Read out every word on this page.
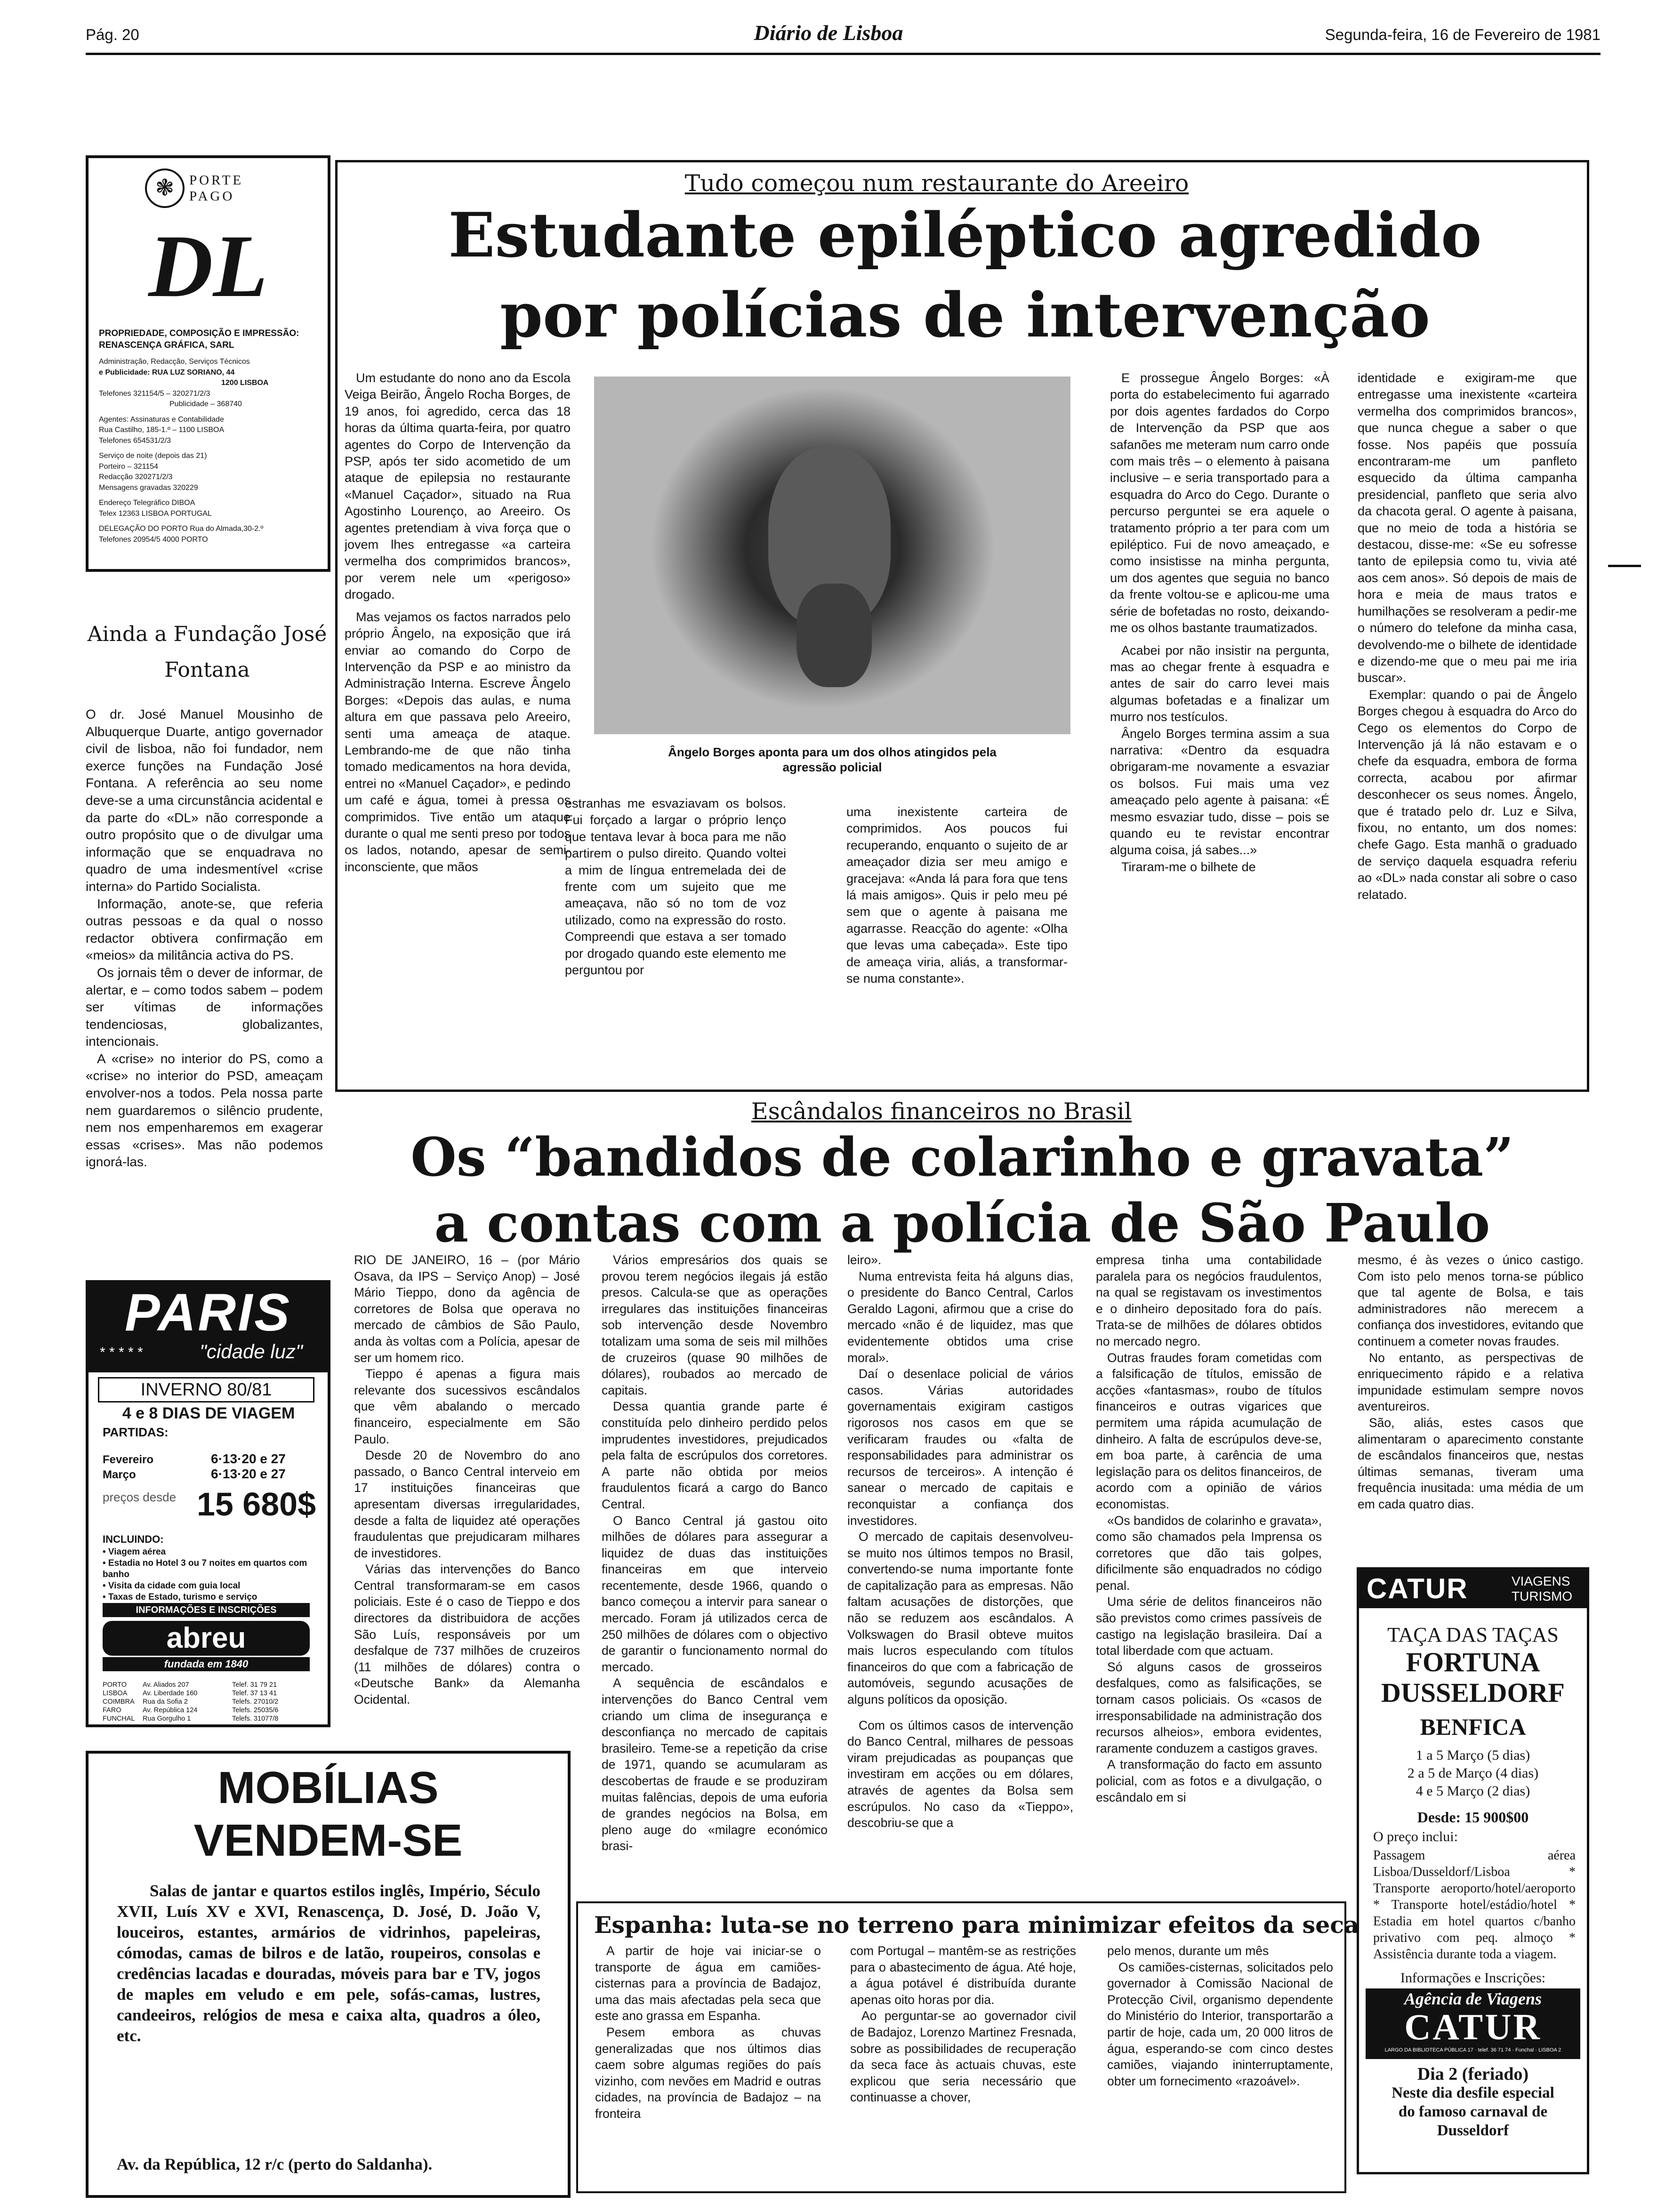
Pág. 20	Diário de Lisboa	Segunda-feira, 16 de Fevereiro de 1981
❃	PORTE PAGO
DL
PROPRIEDADE, COMPOSIÇÃO E IMPRESSÃO: RENASCENÇA GRÁFICA, SARL
Administração, Redacção, Serviços Técnicos
e Publicidade: RUA LUZ SORIANO, 44
1200 LISBOA
Telefones 321154/5 – 320271/2/3
Publicidade – 368740
Agentes: Assinaturas e Contabilidade
Rua Castilho, 185-1.º – 1100 LISBOA
Telefones 654531/2/3
Serviço de noite (depois das 21)
Porteiro – 321154
Redacção 320271/2/3
Mensagens gravadas 320229
Endereço Telegráfico DIBOA
Telex 12363 LISBOA PORTUGAL
DELEGAÇÃO DO PORTO Rua do Almada,30-2.º
Telefones 20954/5 4000 PORTO
Ainda a Fundação José Fontana

O dr. José Manuel Mousinho de Albuquerque Duarte, antigo governador civil de lisboa, não foi fundador, nem exerce funções na Fundação José Fontana. A referência ao seu nome deve-se a uma circunstância acidental e da parte do «DL» não corresponde a outro propósito que o de divulgar uma informação que se enquadrava no quadro de uma indesmentível «crise interna» do Partido Socialista.

Informação, anote-se, que referia outras pessoas e da qual o nosso redactor obtivera confirmação em «meios» da militância activa do PS.

Os jornais têm o dever de informar, de alertar, e – como todos sabem – podem ser vítimas de informações tendenciosas, globalizantes, intencionais.

A «crise» no interior do PS, como a «crise» no interior do PSD, ameaçam envolver-nos a todos. Pela nossa parte nem guardaremos o silêncio prudente, nem nos empenharemos em exagerar essas «crises». Mas não podemos ignorá-las.

Tudo começou num restaurante do Areeiro
Estudante epiléptico agredido
por polícias de intervenção

Um estudante do nono ano da Escola Veiga Beirão, Ângelo Rocha Borges, de 19 anos, foi agredido, cerca das 18 horas da última quarta-feira, por quatro agentes do Corpo de Intervenção da PSP, após ter sido acometido de um ataque de epilepsia no restaurante «Manuel Caçador», situado na Rua Agostinho Lourenço, ao Areeiro. Os agentes pretendiam à viva força que o jovem lhes entregasse «a carteira vermelha dos comprimidos brancos», por verem nele um «perigoso» drogado.

Mas vejamos os factos narrados pelo próprio Ângelo, na exposição que irá enviar ao comando do Corpo de Intervenção da PSP e ao ministro da Administração Interna. Escreve Ângelo Borges: «Depois das aulas, e numa altura em que passava pelo Areeiro, senti uma ameaça de ataque. Lembrando-me de que não tinha tomado medicamentos na hora devida, entrei no «Manuel Caçador», e pedindo um café e água, tomei à pressa os comprimidos. Tive então um ataque durante o qual me senti preso por todos os lados, notando, apesar de semi-inconsciente, que mãos

Ângelo Borges aponta para um dos olhos atingidos pela agressão policial

estranhas me esvaziavam os bolsos. Fui forçado a largar o próprio lenço que tentava levar à boca para me não partirem o pulso direito. Quando voltei a mim de língua entremelada dei de frente com um sujeito que me ameaçava, não só no tom de voz utilizado, como na expressão do rosto. Compreendi que estava a ser tomado por drogado quando este elemento me perguntou por

uma inexistente carteira de comprimidos. Aos poucos fui recuperando, enquanto o sujeito de ar ameaçador dizia ser meu amigo e gracejava: «Anda lá para fora que tens lá mais amigos». Quis ir pelo meu pé sem que o agente à paisana me agarrasse. Reacção do agente: «Olha que levas uma cabeçada». Este tipo de ameaça viria, aliás, a transformar-se numa constante».

E prossegue Ângelo Borges: «À porta do estabelecimento fui agarrado por dois agentes fardados do Corpo de Intervenção da PSP que aos safanões me meteram num carro onde com mais três – o elemento à paisana inclusive – e seria transportado para a esquadra do Arco do Cego. Durante o percurso perguntei se era aquele o tratamento próprio a ter para com um epiléptico. Fui de novo ameaçado, e como insistisse na minha pergunta, um dos agentes que seguia no banco da frente voltou-se e aplicou-me uma série de bofetadas no rosto, deixando-me os olhos bastante traumatizados.

Acabei por não insistir na pergunta, mas ao chegar frente à esquadra e antes de sair do carro levei mais algumas bofetadas e a finalizar um murro nos testículos.

Ângelo Borges termina assim a sua narrativa: «Dentro da esquadra obrigaram-me novamente a esvaziar os bolsos. Fui mais uma vez ameaçado pelo agente à paisana: «É mesmo esvaziar tudo, disse – pois se quando eu te revistar encontrar alguma coisa, já sabes...»

Tiraram-me o bilhete de

identidade e exigiram-me que entregasse uma inexistente «carteira vermelha dos comprimidos brancos», que nunca chegue a saber o que fosse. Nos papéis que possuía encontraram-me um panfleto esquecido da última campanha presidencial, panfleto que seria alvo da chacota geral. O agente à paisana, que no meio de toda a história se destacou, disse-me: «Se eu sofresse tanto de epilepsia como tu, vivia até aos cem anos». Só depois de mais de hora e meia de maus tratos e humilhações se resolveram a pedir-me o número do telefone da minha casa, devolvendo-me o bilhete de identidade e dizendo-me que o meu pai me iria buscar».

Exemplar: quando o pai de Ângelo Borges chegou à esquadra do Arco do Cego os elementos do Corpo de Intervenção já lá não estavam e o chefe da esquadra, embora de forma correcta, acabou por afirmar desconhecer os seus nomes. Ângelo, que é tratado pelo dr. Luz e Silva, fixou, no entanto, um dos nomes: chefe Gago. Esta manhã o graduado de serviço daquela esquadra referiu ao «DL» nada constar ali sobre o caso relatado.

Escândalos financeiros no Brasil
Os “bandidos de colarinho e gravata”
a contas com a polícia de São Paulo

RIO DE JANEIRO, 16 – (por Mário Osava, da IPS – Serviço Anop) – José Mário Tieppo, dono da agência de corretores de Bolsa que operava no mercado de câmbios de São Paulo, anda às voltas com a Polícia, apesar de ser um homem rico.

Tieppo é apenas a figura mais relevante dos sucessivos escândalos que vêm abalando o mercado financeiro, especialmente em São Paulo.

Desde 20 de Novembro do ano passado, o Banco Central interveio em 17 instituições financeiras que apresentam diversas irregularidades, desde a falta de liquidez até operações fraudulentas que prejudicaram milhares de investidores.

Várias das intervenções do Banco Central transformaram-se em casos policiais. Este é o caso de Tieppo e dos directores da distribuidora de acções São Luís, responsáveis por um desfalque de 737 milhões de cruzeiros (11 milhões de dólares) contra o «Deutsche Bank» da Alemanha Ocidental.

Vários empresários dos quais se provou terem negócios ilegais já estão presos. Calcula-se que as operações irregulares das instituições financeiras sob intervenção desde Novembro totalizam uma soma de seis mil milhões de cruzeiros (quase 90 milhões de dólares), roubados ao mercado de capitais.

Dessa quantia grande parte é constituída pelo dinheiro perdido pelos imprudentes investidores, prejudicados pela falta de escrúpulos dos corretores. A parte não obtida por meios fraudulentos ficará a cargo do Banco Central.

O Banco Central já gastou oito milhões de dólares para assegurar a liquidez de duas das instituições financeiras em que interveio recentemente, desde 1966, quando o banco começou a intervir para sanear o mercado. Foram já utilizados cerca de 250 milhões de dólares com o objectivo de garantir o funcionamento normal do mercado.

A sequência de escândalos e intervenções do Banco Central vem criando um clima de insegurança e desconfiança no mercado de capitais brasileiro. Teme-se a repetição da crise de 1971, quando se acumularam as descobertas de fraude e se produziram muitas falências, depois de uma euforia de grandes negócios na Bolsa, em pleno auge do «milagre económico brasi-

leiro».

Numa entrevista feita há alguns dias, o presidente do Banco Central, Carlos Geraldo Lagoni, afirmou que a crise do mercado «não é de liquidez, mas que evidentemente obtidos uma crise moral».

Daí o desenlace policial de vários casos. Várias autoridades governamentais exigiram castigos rigorosos nos casos em que se verificaram fraudes ou «falta de responsabilidades para administrar os recursos de terceiros». A intenção é sanear o mercado de capitais e reconquistar a confiança dos investidores.

O mercado de capitais desenvolveu-se muito nos últimos tempos no Brasil, convertendo-se numa importante fonte de capitalização para as empresas. Não faltam acusações de distorções, que não se reduzem aos escândalos. A Volkswagen do Brasil obteve muitos mais lucros especulando com títulos financeiros do que com a fabricação de automóveis, segundo acusações de alguns políticos da oposição.

Com os últimos casos de intervenção do Banco Central, milhares de pessoas viram prejudicadas as poupanças que investiram em acções ou em dólares, através de agentes da Bolsa sem escrúpulos. No caso da «Tieppo», descobriu-se que a

empresa tinha uma contabilidade paralela para os negócios fraudulentos, na qual se registavam os investimentos e o dinheiro depositado fora do país. Trata-se de milhões de dólares obtidos no mercado negro.

Outras fraudes foram cometidas com a falsificação de títulos, emissão de acções «fantasmas», roubo de títulos financeiros e outras vigarices que permitem uma rápida acumulação de dinheiro. A falta de escrúpulos deve-se, em boa parte, à carência de uma legislação para os delitos financeiros, de acordo com a opinião de vários economistas.

«Os bandidos de colarinho e gravata», como são chamados pela Imprensa os corretores que dão tais golpes, dificilmente são enquadrados no código penal.

Uma série de delitos financeiros não são previstos como crimes passíveis de castigo na legislação brasileira. Daí a total liberdade com que actuam.

Só alguns casos de grosseiros desfalques, como as falsificações, se tornam casos policiais. Os «casos de irresponsabilidade na administração dos recursos alheios», embora evidentes, raramente conduzem a castigos graves.

A transformação do facto em assunto policial, com as fotos e a divulgação, o escândalo em si

mesmo, é às vezes o único castigo. Com isto pelo menos torna-se público que tal agente de Bolsa, e tais administradores não merecem a confiança dos investidores, evitando que continuem a cometer novas fraudes.

No entanto, as perspectivas de enriquecimento rápido e a relativa impunidade estimulam sempre novos aventureiros.

São, aliás, estes casos que alimentaram o aparecimento constante de escândalos financeiros que, nestas últimas semanas, tiveram uma frequência inusitada: uma média de um em cada quatro dias.

Espanha: luta-se no terreno para minimizar efeitos da seca

A partir de hoje vai iniciar-se o transporte de água em camiões-cisternas para a província de Badajoz, uma das mais afectadas pela seca que este ano grassa em Espanha.

Pesem embora as chuvas generalizadas que nos últimos dias caem sobre algumas regiões do país vizinho, com nevões em Madrid e outras cidades, na província de Badajoz – na fronteira

com Portugal – mantêm-se as restrições para o abastecimento de água. Até hoje, a água potável é distribuída durante apenas oito horas por dia.

Ao perguntar-se ao governador civil de Badajoz, Lorenzo Martinez Fresnada, sobre as possibilidades de recuperação da seca face às actuais chuvas, este explicou que seria necessário que continuasse a chover,

pelo menos, durante um mês

Os camiões-cisternas, solicitados pelo governador à Comissão Nacional de Protecção Civil, organismo dependente do Ministério do Interior, transportarão a partir de hoje, cada um, 20 000 litros de água, esperando-se com cinco destes camiões, viajando ininterruptamente, obter um fornecimento «razoável».

PARIS
* * * * *	"cidade luz"
INVERNO 80/81
4 e 8 DIAS DE VIAGEM
PARTIDAS:
Fevereiro	6·13·20 e 27
Março	6·13·20 e 27
preços desde 15 680$
INCLUINDO:
• Viagem aérea
• Estadia no Hotel 3 ou 7 noites em quartos com banho
• Visita da cidade com guia local
• Taxas de Estado, turismo e serviço
INFORMAÇÕES E INSCRIÇÕES
abreu
fundada em 1840
PORTO Av. Aliados 207	Telef. 31 79 21
LISBOA Av. Liberdade 160	Telef. 37 13 41
COIMBRA Rua da Sofia 2	Telefs. 27010/2
FARO	Av. República 124	Telefs. 25035/6
FUNCHAL Rua Gorgulho 1	Telefs. 31077/8
MOBÍLIAS
VENDEM-SE
Salas de jantar e quartos estilos inglês, Império, Século XVII, Luís XV e XVI, Renascença, D. José, D. João V, louceiros, estantes, armários de vidrinhos, papeleiras, cómodas, camas de bilros e de latão, roupeiros, consolas e credências lacadas e douradas, móveis para bar e TV, jogos de maples em veludo e em pele, sofás-camas, lustres, candeeiros, relógios de mesa e caixa alta, quadros a óleo, etc.
Av. da República, 12 r/c (perto do Saldanha).
CATUR	VIAGENS
TURISMO
TAÇA DAS TAÇAS
FORTUNA
DUSSELDORF
BENFICA
1 a 5 Março (5 dias)
2 a 5 de Março (4 dias)
4 e 5 Março (2 dias)
Desde: 15 900$00
O preço inclui:
Passagem aérea Lisboa/Dusseldorf/Lisboa * Transporte aeroporto/hotel/aeroporto * Transporte hotel/estádio/hotel * Estadia em hotel quartos c/banho privativo com peq. almoço * Assistência durante toda a viagem.
Informações e Inscrições:
Agência de Viagens
CATUR
LARGO DA BIBLIOTECA PÚBLICA 17 · telef. 36 71 74 · Funchal · LISBOA 2
Dia 2 (feriado)
Neste dia desfile especial
do famoso carnaval de
Dusseldorf
